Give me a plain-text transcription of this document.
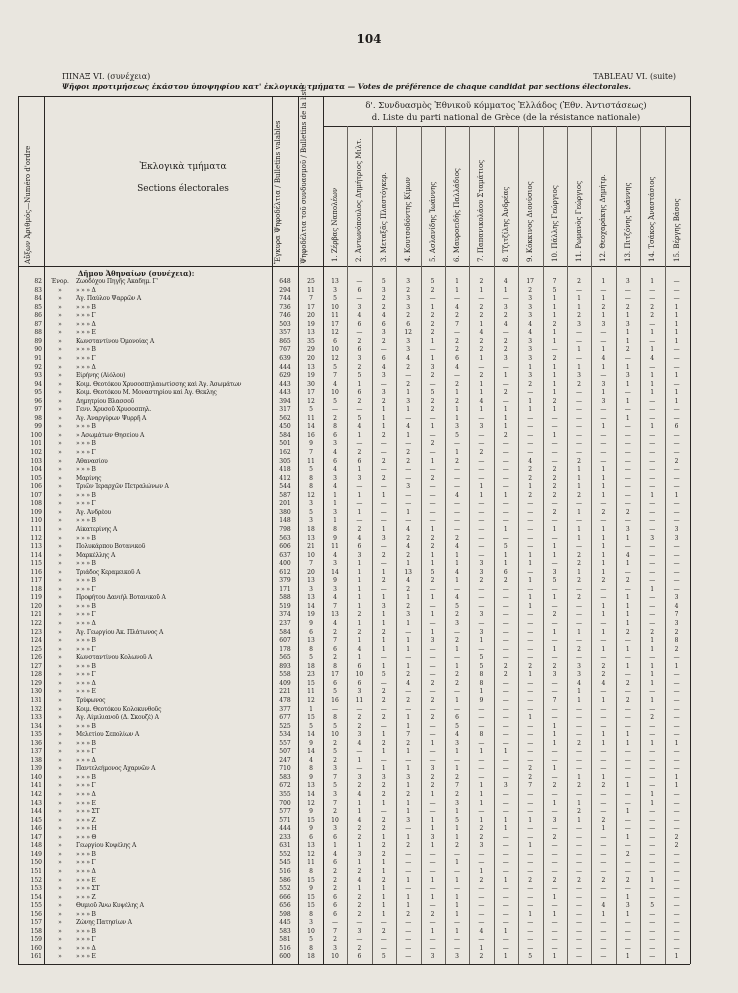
104
ΠΙΝΑΞ VI. (συνέχεια)	TABLEAU VI. (suite)
Ψῆφοι προτιμήσεως ἑκάστου ὑποψηφίου κατ' ἐκλογικὰ τμήματα — Votes de préférence de chaque candidat par sections électorales.
Αὔξων Ἀριθμός—Numéro d'ordre	Ἐκλογικὰ τμήματα
Sections électorales	Ἔγκυρα Ψηφοδέλτια / Bulletins valables	Ψηφοδέλτια τοῦ συνδυασμοῦ / Bulletins de la liste	δ'. Συνδυασμὸς Ἐθνικοῦ κόμματος Ἑλλάδος (Ἐθν. Ἀντιστάσεως)
d. Liste du parti national de Grèce (de la résistance nationale)
1. Ζέρβας Ναπολέων 2. Ἀντωνόπουλος Δημήτριος Μιλτ. 3. Μεταξᾶς Πλαστόγκερ. 4. Κουτσοδόντης Κίμων 5. Ασλανίδης Ἰωάννης 6. Μαυροειδὴς Παλλάδιος 7. Παπανικολάου Σταμάτιος 8. Τζιτζίλης Ἀνδρέας 9. Κόκκινος Διονύσιος 10. Πάλλης Γεώργιος 11. Ρωμανὸς Γεώργιος 12. Θεοχαράκης Δημήτρ. 13. Πιτζόνης Ἰωάννης 14. Τσάκος Ἀναστάσιος 15. Βέργης Βάσος
Δῆμου Ἀθηναίων (συνέχεια):
82	Ἐνορ.	Ζωοδόχου Πηγῆς Ἀκαδημ. Γ'	648	25	13	—	5	3	5	1	2	4	17	7	2	1	3	1	—
83	»	» » » Δ	294	11	3	6	3	2	2	1	1	1	2	5	—	—	—	—	—
84	»	Ἁγ. Παύλου Ψαρρῶν Α	744	7	5	—	2	3	—	—	—	—	3	1	1	1	—	—	—
85	»	» » » Β	736	17	10	3	2	3	1	4	2	3	3	1	1	2	2	2	1
86	»	» » » Γ	746	20	11	4	4	2	2	2	2	2	3	1	2	1	1	2	1
87	»	» » » Δ	503	19	17	6	6	6	2	7	1	4	4	2	3	3	3	—	1
88	»	» » » Ε	357	13	12	—	3	12	2	—	4	—	4	1	—	—	1	1	1
89	»	Κωνσταντίνου Ὁμονοίας Α	865	35	6	2	2	3	1	2	2	2	3	1	—	—	1	—	1
90	»	» » » Β	767	29	10	6	—	3	—	2	2	2	3	—	1	1	2	1	—
91	»	» » » Γ	639	20	12	3	6	4	1	6	1	3	3	2	—	4	—	4	—
92	»	» » » Δ	444	13	5	2	4	2	3	4	—	—	1	1	1	1	1	—	—
93	»	Εἰρήνης (Αἰόλου)	629	19	7	5	3	—	2	—	2	1	3	1	3	—	3	1	1
94	»	Κοιμ. Θεοτόκου Χρυσοσπηλαιωτίσσης καὶ Ἁγ. Ἀσωμάτων	443	30	4	1	—	2	—	2	1	—	2	1	2	3	1	1	—
95	»	Κοιμ. Θεοτόκου Μ. Μοναστηρίου καὶ Ἁγ. Θεκλης	443	17	10	6	3	1	5	1	1	2	—	1	—	1	—	1	1
96	»	Δημητρίου Βλασσοῦ	394	12	5	2	2	3	2	2	4	—	1	2	—	3	1	—	1
97	»	Γενν. Χρυσοῦ Χρυσοσπηλ.	317	5	—	—	1	1	2	1	1	1	1	1	—	—	—	—	—
98	»	Ἁγ. Ἀναργύρων Ψυρρῆ Α	562	11	2	5	1	—	—	1	—	1	—	—	—	—	1	—	—
99	»	» » » Β	450	14	8	4	1	4	1	3	3	1	—	—	—	1	—	1	6
100	»	» Ἀσωμάτων Θησείου Α	584	16	6	1	2	1	—	5	—	2	—	1	—	—	—	—	—
101	»	» » » Β	501	9	3	—	—	—	2	—	—	—	—	—	—	—	—	—	—
102	»	» » » Γ	162	7	4	2	—	2	—	1	2	—	—	—	—	—	—	—	—
103	»	Ἀθανασίου	305	11	6	6	2	2	1	2	—	—	4	—	2	—	—	—	2
104	»	» » » Β	418	5	4	1	—	—	—	—	—	—	2	2	1	1	—	—	—
105	»	Μαρίνης	412	8	3	3	2	—	2	—	—	—	2	2	1	1	—	—	—
106	»	Τριῶν Ἱεραρχῶν Πετραλώνων Α	544	8	4	—	—	3	—	—	1	—	1	2	1	1	—	—	—
107	»	» » » Β	587	12	1	1	1	—	—	4	1	1	2	2	2	1	—	1	1
108	»	» » » Γ	201	3	1	—	—	—	—	—	—	—	—	—	—	—	—	—	—
109	»	Ἁγ. Ἀνδρέου	380	5	3	1	—	1	—	—	—	—	—	2	1	2	2	—	—
110	»	» » » Β	148	3	1	—	—	—	—	—	—	—	—	—	—	—	—	—	—
111	»	Αἰκατερίνης Α	798	18	8	2	1	4	1	—	—	1	—	1	1	1	3	—	3
112	»	» » » Β	563	13	9	4	3	2	2	2	—	—	—	—	1	1	1	3	3
113	»	Πολυκάρπου Βοτανικοῦ	606	21	11	6	—	4	2	4	—	5	—	1	—	1	—	—	—
114	»	Μαρκέλλης Α	637	10	4	3	2	2	1	1	—	1	1	1	2	1	4	—	—
115	»	» » » Β	400	7	3	1	—	1	1	1	3	1	1	—	2	1	1	—	—
116	»	Τριάδος Κεραμεικοῦ Α	612	20	14	1	1	13	5	4	3	6	—	3	1	1	—	—	—
117	»	» » » Β	379	13	9	1	2	4	2	1	2	2	1	5	2	2	2	—	—
118	»	» » » Γ	171	3	3	1	—	2	—	—	—	—	—	—	—	—	—	1	—
119	»	Προφήτου Δανιὴλ Βοτανικοῦ Α	588	13	4	1	1	1	1	4	—	—	1	1	2	—	1	—	3
120	»	» » » Β	519	14	7	1	3	2	—	5	—	—	1	—	—	1	1	—	4
121	»	» » » Γ	374	19	13	2	1	3	1	2	3	—	—	2	—	1	1	—	7
122	»	» » » Δ	237	9	4	1	1	1	—	3	—	—	—	—	—	—	1	—	3
123	»	Ἁγ. Γεωργίου Ἀκ. Πλάτωνος Α	584	6	2	2	2	—	1	—	3	—	—	1	1	1	2	2	2
124	»	» » » Β	607	13	7	1	1	1	3	2	1	—	—	—	—	—	—	1	8
125	»	» » » Γ	178	8	6	4	1	1	—	1	—	—	—	1	2	1	1	1	2
126	»	Κωνσταντίνου Κολωνοῦ Α	565	5	2	1	—	—	—	—	5	—	—	—	—	—	—	—	—
127	»	» » » Β	893	18	8	6	1	1	—	1	5	2	2	2	3	2	1	1	1
128	»	» » » Γ	558	23	17	10	5	2	—	2	8	2	1	3	3	2	—	1	—
129	»	» » » Δ	409	15	6	6	—	4	2	2	8	—	—	—	4	4	2	1	—
130	»	» » » Ε	221	11	5	3	2	—	—	—	1	—	—	—	1	—	—	—	—
131	»	Τρύφωνος	478	12	16	11	2	2	2	1	9	—	—	7	1	1	2	1	—
132	»	Κοιμ. Θεοτόκου Κολοκυνθοῦς	377	1	—	—	—	—	—	—	—	—	—	—	—	—	—	—	—
133	»	Ἁγ. Αἰμιλιανοῦ (Δ. Σκουζέ) Α	677	15	8	2	2	1	2	6	—	—	1	—	—	—	—	2	—
134	»	» » » Β	525	5	5	2	—	1	—	5	—	—	—	1	—	—	—	—	—
135	»	Μελετίου Σεπολίων Α	534	14	10	3	1	7	—	4	8	—	—	1	—	1	1	—	—
136	»	» » » Β	557	9	2	4	2	2	1	3	—	—	—	1	2	1	1	1	1
137	»	» » » Γ	507	14	5	—	1	1	—	1	1	1	—	—	—	—	—	—	—
138	»	» » » Δ	247	4	2	1	—	—	—	—	—	—	—	—	—	—	—	—	—
139	»	Παντελεήμονος Ἀχαρνῶν Α	710	8	3	—	1	1	3	1	—	—	2	1	—	—	—	—	—
140	»	» » » Β	583	9	7	3	3	3	2	2	—	—	2	—	1	1	—	—	1
141	»	» » » Γ	672	13	5	2	2	1	2	7	1	3	7	2	2	2	1	—	1
142	»	» » » Δ	355	14	3	4	2	2	1	2	1	—	—	—	—	—	—	1	—
143	»	» » » Ε	700	12	7	1	1	1	—	3	1	—	—	1	1	—	—	1	—
144	»	» » » ΣΤ	577	9	2	1	—	1	—	1	—	—	—	—	2	—	1	—	—
145	»	» » » Ζ	571	15	10	4	2	3	1	5	1	1	1	3	1	2	—	—	—
146	»	» » » Η	444	9	3	2	2	—	1	1	2	1	—	—	—	1	—	—	—
147	»	» » » Θ	233	6	6	2	1	1	3	1	2	—	—	2	—	—	1	—	2
148	»	Γεωργίου Κυψέλης Α	631	13	1	1	2	2	1	2	3	—	1	—	—	—	—	—	2
149	»	» » » Β	552	12	4	3	2	—	—	—	—	—	—	—	—	—	2	—	—
150	»	» » » Γ	545	11	6	1	1	—	—	1	—	—	—	—	—	—	—	—	—
151	»	» » » Δ	516	8	2	2	1	—	—	—	1	—	—	—	—	—	—	—	—
152	»	» » » Ε	586	15	2	4	2	1	1	1	2	1	2	2	2	2	2	1	—
153	»	» » » ΣΤ	552	9	2	1	1	—	—	—	—	—	—	—	—	—	—	—	—
154	»	» » » Ζ	666	15	6	2	1	1	1	1	—	—	—	1	—	—	1	—	—
155	»	Θυμιοῦ Ἄνω Κυψέλης Α	656	15	6	2	1	1	—	1	—	—	—	—	—	4	3	5	—
156	»	» » » Β	598	8	6	2	1	2	2	1	—	—	1	1	—	1	1	—	—
157	»	Ζώνης Πατησίων Α	445	3	—	—	—	—	—	—	—	—	—	—	—	—	—	—	—
158	»	» » » Β	583	10	7	3	2	—	1	1	4	1	—	—	—	—	—	—	—
159	»	» » » Γ	581	5	2	—	—	—	—	—	—	—	—	—	—	—	—	—	—
160	»	» » » Δ	516	8	3	2	—	—	—	—	1	—	—	—	—	—	—	—	—
161	»	» » » Ε	600	18	10	6	5	—	3	3	2	1	5	1	—	—	1	—	1
